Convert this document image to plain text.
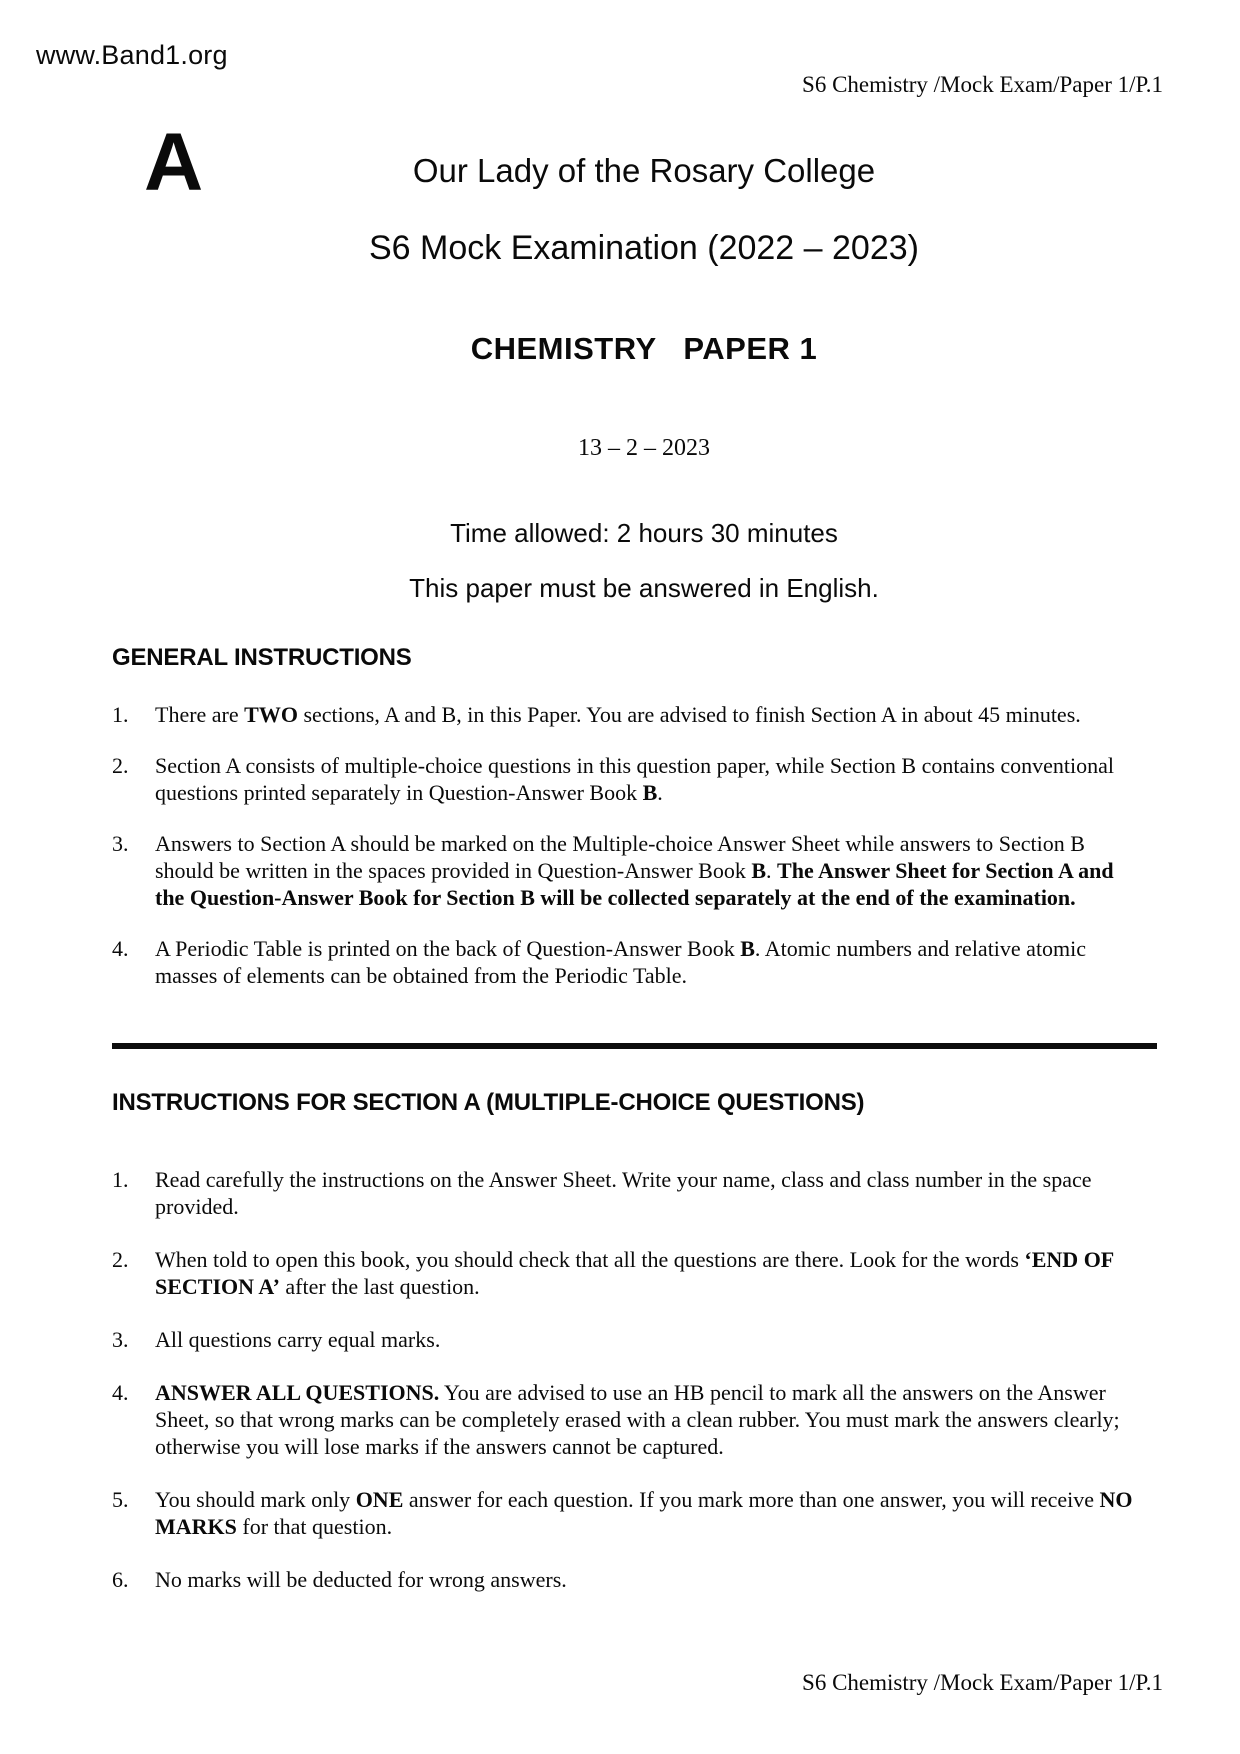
www.Band1.org
S6 Chemistry /Mock Exam/Paper 1/P.1
A	Our Lady of the Rosary College
S6 Mock Examination (2022 – 2023)
CHEMISTRY   PAPER 1
13 – 2 – 2023
Time allowed: 2 hours 30 minutes
This paper must be answered in English.
GENERAL INSTRUCTIONS
1.	There are TWO sections, A and B, in this Paper. You are advised to finish Section A in about 45 minutes.
2.	Section A consists of multiple-choice questions in this question paper, while Section B contains conventional questions printed separately in Question-Answer Book B.
3.	Answers to Section A should be marked on the Multiple-choice Answer Sheet while answers to Section B should be written in the spaces provided in Question-Answer Book B. The Answer Sheet for Section A and the Question-Answer Book for Section B will be collected separately at the end of the examination.
4.	A Periodic Table is printed on the back of Question-Answer Book B. Atomic numbers and relative atomic masses of elements can be obtained from the Periodic Table.
INSTRUCTIONS FOR SECTION A (MULTIPLE-CHOICE QUESTIONS)
1.	Read carefully the instructions on the Answer Sheet. Write your name, class and class number in the space provided.
2.	When told to open this book, you should check that all the questions are there. Look for the words ‘END OF SECTION A’ after the last question.
3.	All questions carry equal marks.
4.	ANSWER ALL QUESTIONS. You are advised to use an HB pencil to mark all the answers on the Answer Sheet, so that wrong marks can be completely erased with a clean rubber. You must mark the answers clearly; otherwise you will lose marks if the answers cannot be captured.
5.	You should mark only ONE answer for each question. If you mark more than one answer, you will receive NO MARKS for that question.
6.	No marks will be deducted for wrong answers.
S6 Chemistry /Mock Exam/Paper 1/P.1
